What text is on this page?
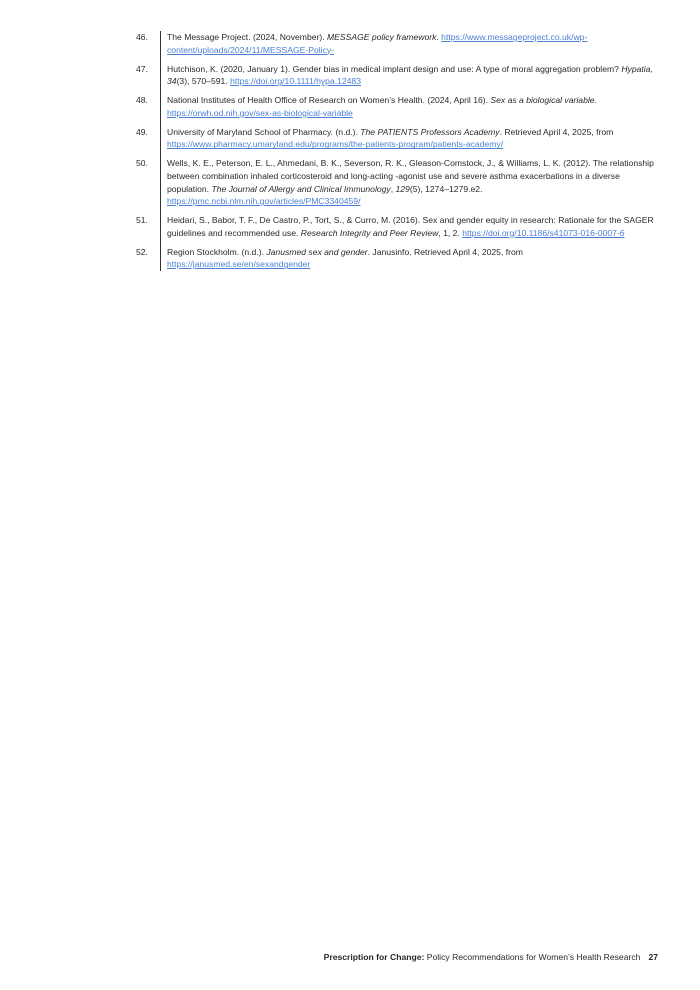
46.	The Message Project. (2024, November). MESSAGE policy framework. https://www.messageproject.co.uk/wp-content/uploads/2024/11/MESSAGE-Policy-
47.	Hutchison, K. (2020, January 1). Gender bias in medical implant design and use: A type of moral aggregation problem? Hypatia, 34(3), 570–591. https://doi.org/10.1111/hypa.12483
48.	National Institutes of Health Office of Research on Women’s Health. (2024, April 16). Sex as a biological variable. https://orwh.od.nih.gov/sex-as-biological-variable
49.	University of Maryland School of Pharmacy. (n.d.). The PATIENTS Professors Academy. Retrieved April 4, 2025, from https://www.pharmacy.umaryland.edu/programs/the-patients-program/patients-academy/
50.	Wells, K. E., Peterson, E. L., Ahmedani, B. K., Severson, R. K., Gleason-Comstock, J., & Williams, L. K. (2012). The relationship between combination inhaled corticosteroid and long-acting -agonist use and severe asthma exacerbations in a diverse population. The Journal of Allergy and Clinical Immunology, 129(5), 1274–1279.e2. https://pmc.ncbi.nlm.nih.gov/articles/PMC3340459/
51.	Heidari, S., Babor, T. F., De Castro, P., Tort, S., & Curro, M. (2016). Sex and gender equity in research: Rationale for the SAGER guidelines and recommended use. Research Integrity and Peer Review, 1, 2. https://doi.org/10.1186/s41073-016-0007-6
52.	Region Stockholm. (n.d.). Janusmed sex and gender. Janusinfo. Retrieved April 4, 2025, from https://janusmed.se/en/sexandgender
Prescription for Change: Policy Recommendations for Women’s Health Research 27
